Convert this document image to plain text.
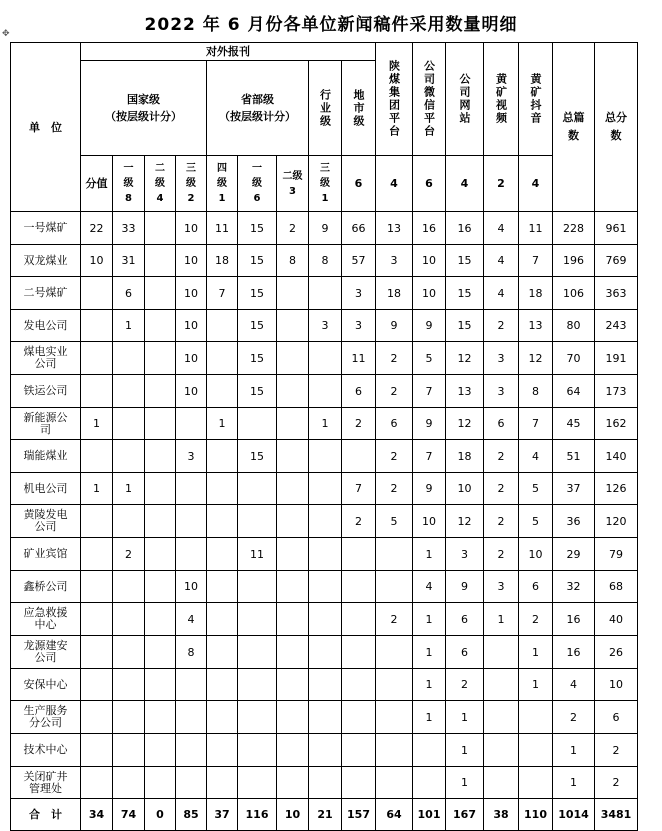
2022 年 6 月份各单位新闻稿件采用数量明细
✥
单　位	对外报刊									陕煤集团平台	公司微信平台	公司网站	黄矿视频	黄矿抖音	总篇数	总分数	
	国家级
（按层级计分）				省部级
（按层级计分）			行业级	地市级								
	分值	一级8	二级4	三级2	四级1	一级6	二级3	三级1	6	4	6	4	2	4	
一号煤矿	22	33		10	11	15	2	9	66	13	16	16	4	11	228	961	
双龙煤业	10	31		10	18	15	8	8	57	3	10	15	4	7	196	769	
二号煤矿		6		10	7	15			3	18	10	15	4	18	106	363	
发电公司		1		10		15		3	3	9	9	15	2	13	80	243	
煤电实业公司				10		15			11	2	5	12	3	12	70	191	
铁运公司				10		15			6	2	7	13	3	8	64	173	
新能源公司	1				1			1	2	6	9	12	6	7	45	162	
瑞能煤业				3		15				2	7	18	2	4	51	140	
机电公司	1	1							7	2	9	10	2	5	37	126	
黄陵发电公司									2	5	10	12	2	5	36	120	
矿业宾馆		2				11					1	3	2	10	29	79	
鑫桥公司				10							4	9	3	6	32	68	
应急救援中心				4						2	1	6	1	2	16	40	
龙源建安公司				8							1	6		1	16	26	
安保中心											1	2		1	4	10	
生产服务分公司											1	1			2	6	
技术中心												1			1	2	
关闭矿井管理处												1			1	2	
合　计	34	74	0	85	37	116	10	21	157	64	101	167	38	110	1014	3481	
